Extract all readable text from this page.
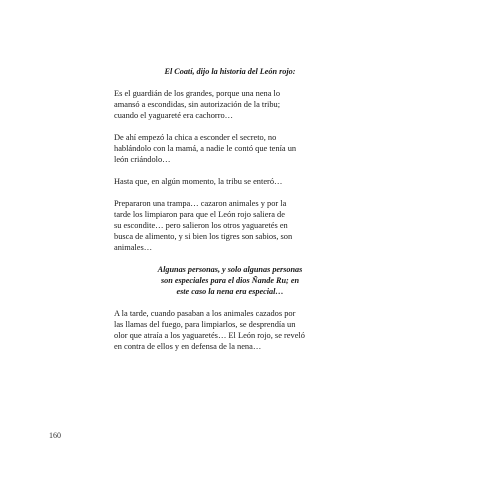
El Coatí, dijo la historia del León rojo:
Es el guardián de los grandes, porque una nena lo
amansó a escondidas, sin autorización de la tribu;
cuando el yaguareté era cachorro…
De ahí empezó la chica a esconder el secreto, no
hablándolo con la mamá, a nadie le contó que tenía un
león criándolo…
Hasta que, en algún momento, la tribu se enteró…
Prepararon una trampa… cazaron animales y por la
tarde los limpiaron para que el León rojo saliera de
su escondite… pero salieron los otros yaguaretés en
busca de alimento, y si bien los tigres son sabios, son
animales…
Algunas personas, y solo algunas personas
son especiales para el dios Ñande Ru; en
este caso la nena era especial…
A la tarde, cuando pasaban a los animales cazados por
las llamas del fuego, para limpiarlos, se desprendía un
olor que atraía a los yaguaretés… El León rojo, se reveló
en contra de ellos y en defensa de la nena…
160
